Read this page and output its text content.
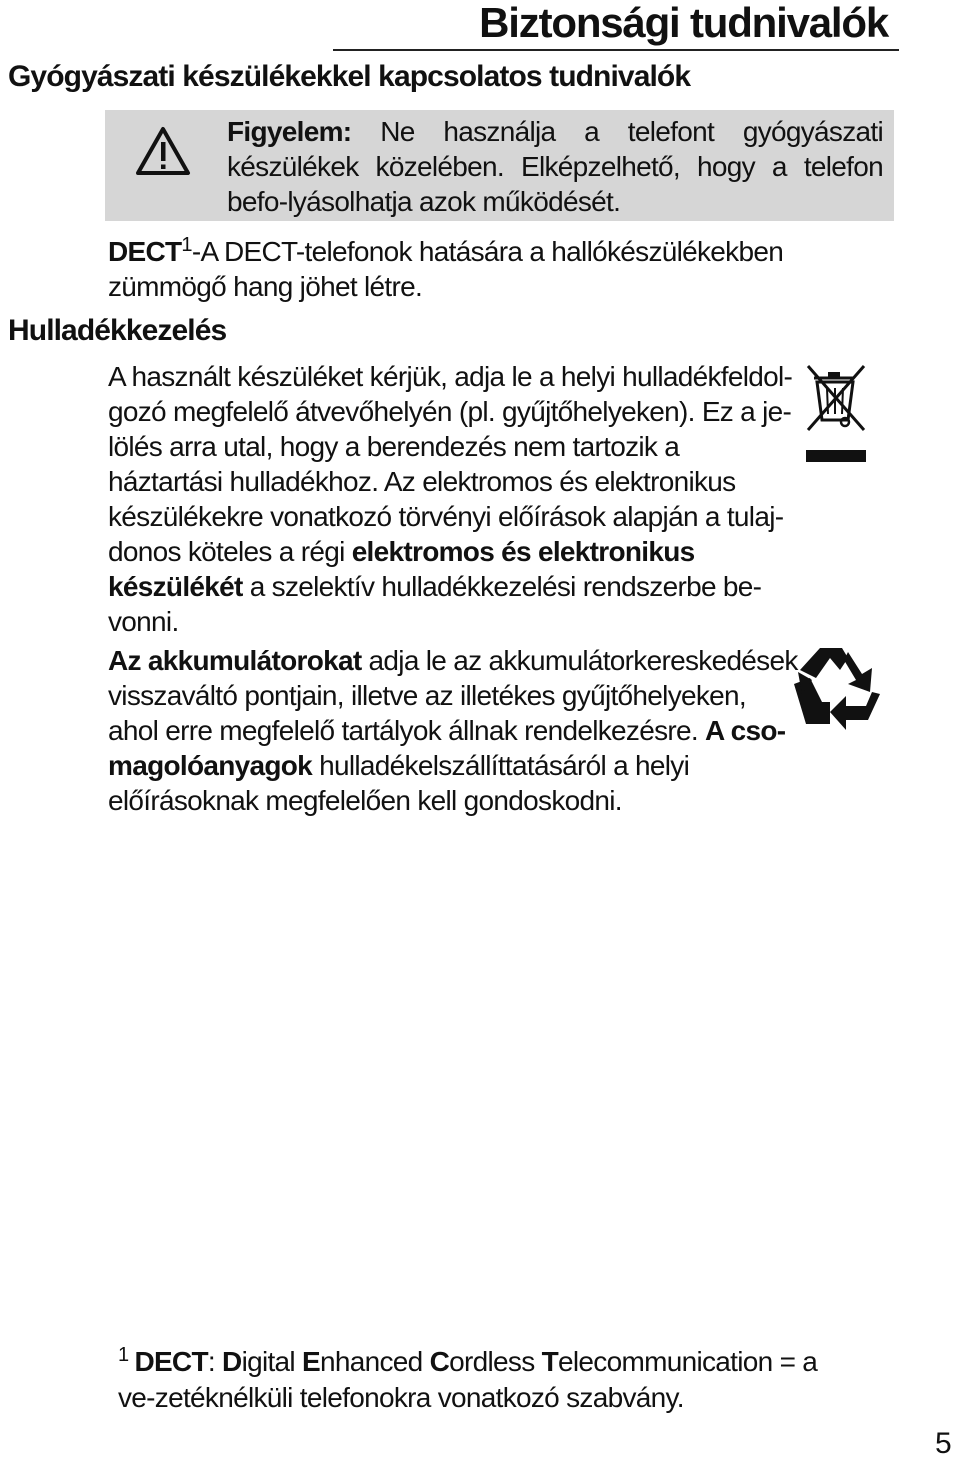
Biztonsági tudnivalók
Gyógyászati készülékekkel kapcsolatos tudnivalók
Figyelem: Ne használja a telefont gyógyászati készülékek közelében. Elképzelhető, hogy a telefon befo-lyásolhatja azok működését.
DECT$^1$-A DECT-telefonok hatására a hallókészülékekben zümmögő hang jöhet létre.
Hulladékkezelés
A használt készüléket kérjük, adja le a helyi hulladékfeldol-gozó megfelelő átvevőhelyén (pl. gyűjtőhelyeken). Ez a je-lölés arra utal, hogy a berendezés nem tartozik a háztartási hulladékhoz. Az elektromos és elektronikus készülékekre vonatkozó törvényi előírások alapján a tulaj-donos köteles a régi elektromos és elektronikus készülékét a szelektív hulladékkezelési rendszerbe be-vonni.
Az akkumulátorokat adja le az akkumulátorkereskedések visszaváltó pontjain, illetve az illetékes gyűjtőhelyeken, ahol erre megfelelő tartályok állnak rendelkezésre. A cso-magolóanyagok hulladékelszállíttatásáról a helyi előírásoknak megfelelően kell gondoskodni.
$^1$ DECT: Digital Enhanced Cordless Telecommunication = a ve-zetéknélküli telefonokra vonatkozó szabvány.
5
